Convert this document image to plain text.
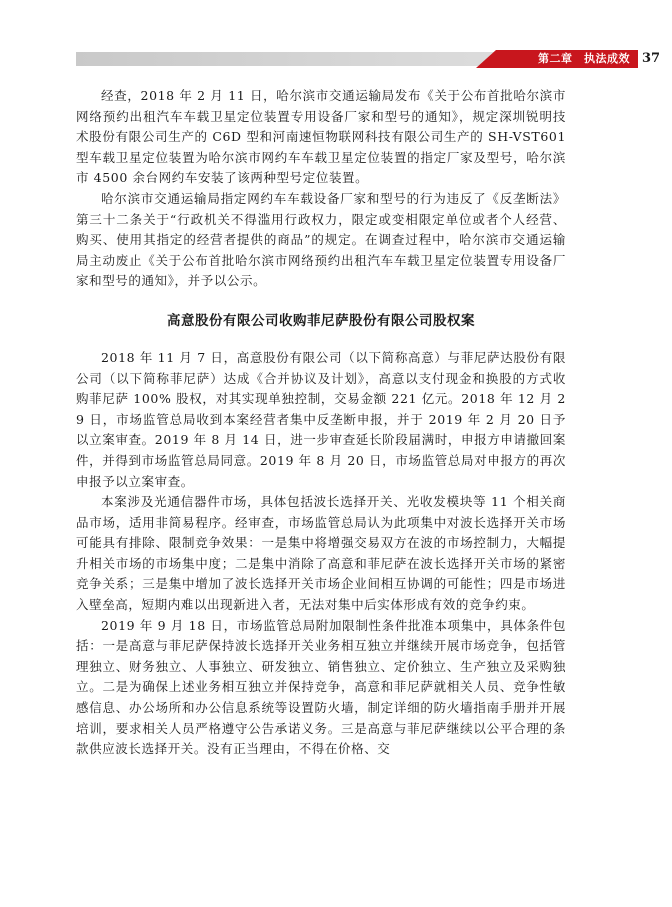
第二章　执法成效 37

经查，2018 年 2 月 11 日，哈尔滨市交通运输局发布《关于公布首批哈尔滨市网络预约出租汽车车载卫星定位装置专用设备厂家和型号的通知》，规定深圳锐明技术股份有限公司生产的 C6D 型和河南速恒物联网科技有限公司生产的 SH-VST601 型车载卫星定位装置为哈尔滨市网约车车载卫星定位装置的指定厂家及型号，哈尔滨市 4500 余台网约车安装了该两种型号定位装置。

哈尔滨市交通运输局指定网约车车载设备厂家和型号的行为违反了《反垄断法》第三十二条关于“行政机关不得滥用行政权力，限定或变相限定单位或者个人经营、购买、使用其指定的经营者提供的商品”的规定。在调查过程中，哈尔滨市交通运输局主动废止《关于公布首批哈尔滨市网络预约出租汽车车载卫星定位装置专用设备厂家和型号的通知》，并予以公示。

高意股份有限公司收购菲尼萨股份有限公司股权案

2018 年 11 月 7 日，高意股份有限公司（以下简称高意）与菲尼萨达股份有限公司（以下简称菲尼萨）达成《合并协议及计划》，高意以支付现金和换股的方式收购菲尼萨 100% 股权，对其实现单独控制，交易金额 221 亿元。2018 年 12 月 29 日，市场监管总局收到本案经营者集中反垄断申报，并于 2019 年 2 月 20 日予以立案审查。2019 年 8 月 14 日，进一步审查延长阶段届满时，申报方申请撤回案件，并得到市场监管总局同意。2019 年 8 月 20 日，市场监管总局对申报方的再次申报予以立案审查。

本案涉及光通信器件市场，具体包括波长选择开关、光收发模块等 11 个相关商品市场，适用非简易程序。经审查，市场监管总局认为此项集中对波长选择开关市场可能具有排除、限制竞争效果：一是集中将增强交易双方在波的市场控制力，大幅提升相关市场的市场集中度；二是集中消除了高意和菲尼萨在波长选择开关市场的紧密竞争关系；三是集中增加了波长选择开关市场企业间相互协调的可能性；四是市场进入壁垒高，短期内难以出现新进入者，无法对集中后实体形成有效的竞争约束。

2019 年 9 月 18 日，市场监管总局附加限制性条件批准本项集中，具体条件包括：一是高意与菲尼萨保持波长选择开关业务相互独立并继续开展市场竞争，包括管理独立、财务独立、人事独立、研发独立、销售独立、定价独立、生产独立及采购独立。二是为确保上述业务相互独立并保持竞争，高意和菲尼萨就相关人员、竞争性敏感信息、办公场所和办公信息系统等设置防火墙，制定详细的防火墙指南手册并开展培训，要求相关人员严格遵守公告承诺义务。三是高意与菲尼萨继续以公平合理的条款供应波长选择开关。没有正当理由，不得在价格、交
